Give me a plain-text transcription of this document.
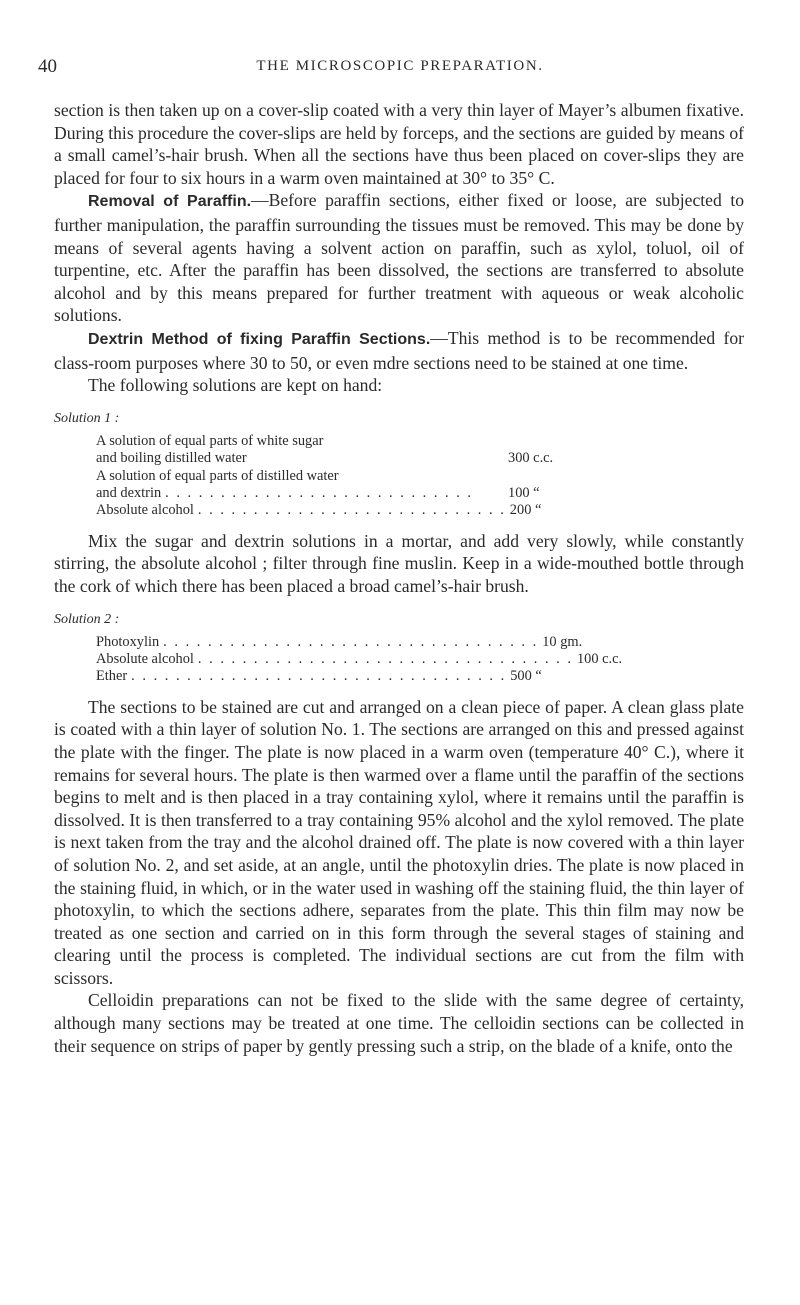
40	THE MICROSCOPIC PREPARATION.

section is then taken up on a cover-slip coated with a very thin layer of Mayer’s albumen fixative. During this procedure the cover-slips are held by forceps, and the sections are guided by means of a small camel’s-hair brush. When all the sections have thus been placed on cover-slips they are placed for four to six hours in a warm oven maintained at 30° to 35° C.

Removal of Paraffin.—Before paraffin sections, either fixed or loose, are subjected to further manipulation, the paraffin surrounding the tissues must be removed. This may be done by means of several agents having a solvent action on paraffin, such as xylol, toluol, oil of turpentine, etc. After the paraffin has been dissolved, the sections are transferred to absolute alcohol and by this means prepared for further treatment with aqueous or weak alcoholic solutions.

Dextrin Method of fixing Paraffin Sections.—This method is to be recommended for class-room purposes where 30 to 50, or even mdre sections need to be stained at one time.

The following solutions are kept on hand:

Solution 1 :
A solution of equal parts of white sugar
and boiling distilled water	300 c.c.
A solution of equal parts of distilled water
and dextrin . . . . . . . . . . . . . . . . . . . . . . . . . . . .	100 “
Absolute alcohol . . . . . . . . . . . . . . . . . . . . . . . . . . . . 200 “

Mix the sugar and dextrin solutions in a mortar, and add very slowly, while constantly stirring, the absolute alcohol ; filter through fine muslin. Keep in a wide-mouthed bottle through the cork of which there has been placed a broad camel’s-hair brush.

Solution 2 :
Photoxylin . . . . . . . . . . . . . . . . . . . . . . . . . . . . . . . . . . 10 gm.
Absolute alcohol . . . . . . . . . . . . . . . . . . . . . . . . . . . . . . . . . . 100 c.c.
Ether . . . . . . . . . . . . . . . . . . . . . . . . . . . . . . . . . . 500 “

The sections to be stained are cut and arranged on a clean piece of paper. A clean glass plate is coated with a thin layer of solution No. 1. The sections are arranged on this and pressed against the plate with the finger. The plate is now placed in a warm oven (temperature 40° C.), where it remains for several hours. The plate is then warmed over a flame until the paraffin of the sections begins to melt and is then placed in a tray containing xylol, where it remains until the paraffin is dissolved. It is then transferred to a tray containing 95% alcohol and the xylol removed. The plate is next taken from the tray and the alcohol drained off. The plate is now covered with a thin layer of solution No. 2, and set aside, at an angle, until the photoxylin dries. The plate is now placed in the staining fluid, in which, or in the water used in washing off the staining fluid, the thin layer of photoxylin, to which the sections adhere, separates from the plate. This thin film may now be treated as one section and carried on in this form through the several stages of staining and clearing until the process is completed. The individual sections are cut from the film with scissors.

Celloidin preparations can not be fixed to the slide with the same degree of certainty, although many sections may be treated at one time. The celloidin sections can be collected in their sequence on strips of paper by gently pressing such a strip, on the blade of a knife, onto the
